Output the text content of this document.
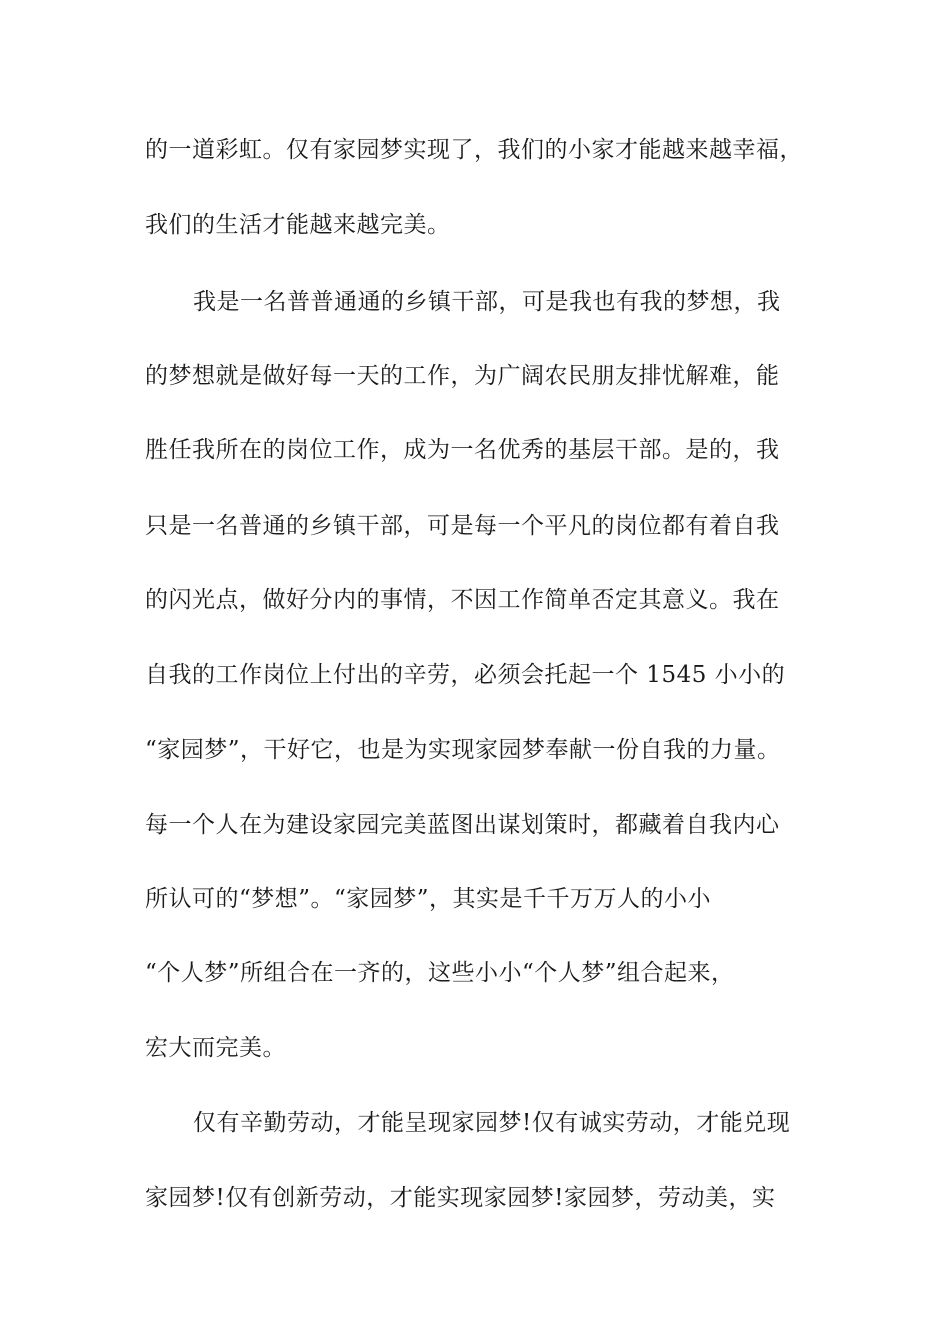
的一道彩虹。仅有家园梦实现了，我们的小家才能越来越幸福，
我们的生活才能越来越完美。
我是一名普普通通的乡镇干部，可是我也有我的梦想，我
的梦想就是做好每一天的工作，为广阔农民朋友排忧解难，能
胜任我所在的岗位工作，成为一名优秀的基层干部。是的，我
只是一名普通的乡镇干部，可是每一个平凡的岗位都有着自我
的闪光点，做好分内的事情，不因工作简单否定其意义。我在
自我的工作岗位上付出的辛劳，必须会托起一个 1545 小小的
“家园梦”，干好它，也是为实现家园梦奉献一份自我的力量。
每一个人在为建设家园完美蓝图出谋划策时，都藏着自我内心
所认可的“梦想”。“家园梦”，其实是千千万万人的小小
“个人梦”所组合在一齐的，这些小小“个人梦”组合起来，
宏大而完美。
仅有辛勤劳动，才能呈现家园梦!仅有诚实劳动，才能兑现
家园梦!仅有创新劳动，才能实现家园梦!家园梦，劳动美，实
